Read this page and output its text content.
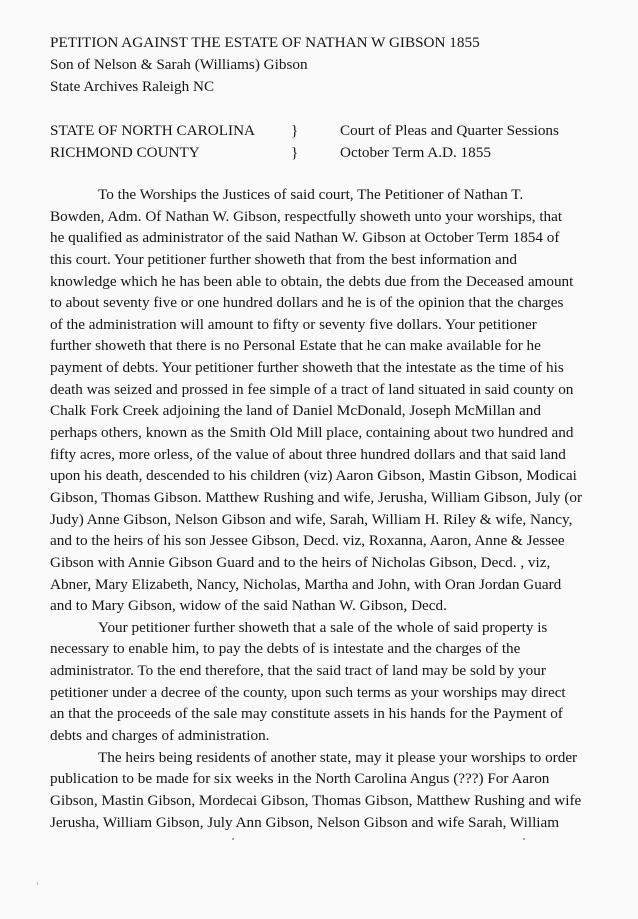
PETITION AGAINST THE ESTATE OF NATHAN W GIBSON 1855
Son of Nelson & Sarah (Williams) Gibson
State Archives Raleigh NC
STATE OF NORTH CAROLINA }	Court of Pleas and Quarter Sessions
RICHMOND COUNTY	}	October Term A.D. 1855
To the Worships the Justices of said court, The Petitioner of Nathan T.
Bowden, Adm. Of Nathan W. Gibson, respectfully showeth unto your worships, that
he qualified as administrator of the said Nathan W. Gibson at October Term 1854 of
this court. Your petitioner further showeth that from the best information and
knowledge which he has been able to obtain, the debts due from the Deceased amount
to about seventy five or one hundred dollars and he is of the opinion that the charges
of the administration will amount to fifty or seventy five dollars. Your petitioner
further showeth that there is no Personal Estate that he can make available for he
payment of debts. Your petitioner further showeth that the intestate as the time of his
death was seized and prossed in fee simple of a tract of land situated in said county on
Chalk Fork Creek adjoining the land of Daniel McDonald, Joseph McMillan and
perhaps others, known as the Smith Old Mill place, containing about two hundred and
fifty acres, more orless, of the value of about three hundred dollars and that said land
upon his death, descended to his children (viz) Aaron Gibson, Mastin Gibson, Modicai
Gibson, Thomas Gibson. Matthew Rushing and wife, Jerusha, William Gibson, July (or
Judy) Anne Gibson, Nelson Gibson and wife, Sarah, William H. Riley & wife, Nancy,
and to the heirs of his son Jessee Gibson, Decd. viz, Roxanna, Aaron, Anne & Jessee
Gibson with Annie Gibson Guard and to the heirs of Nicholas Gibson, Decd. , viz,
Abner, Mary Elizabeth, Nancy, Nicholas, Martha and John, with Oran Jordan Guard
and to Mary Gibson, widow of the said Nathan W. Gibson, Decd.
Your petitioner further showeth that a sale of the whole of said property is
necessary to enable him, to pay the debts of is intestate and the charges of the
administrator. To the end therefore, that the said tract of land may be sold by your
petitioner under a decree of the county, upon such terms as your worships may direct
an that the proceeds of the sale may constitute assets in his hands for the Payment of
debts and charges of administration.
The heirs being residents of another state, may it please your worships to order
publication to be made for six weeks in the North Carolina Angus (???) For Aaron
Gibson, Mastin Gibson, Mordecai Gibson, Thomas Gibson, Matthew Rushing and wife
Jerusha, William Gibson, July Ann Gibson, Nelson Gibson and wife Sarah, William
